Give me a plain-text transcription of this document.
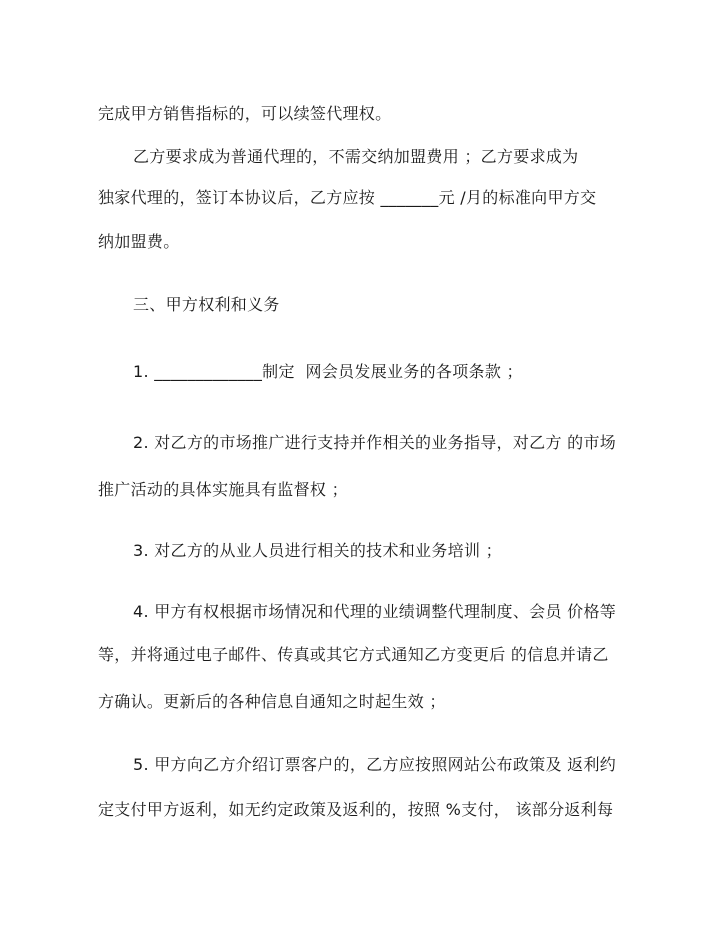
完成甲方销售指标的，可以续签代理权。
乙方要求成为普通代理的，不需交纳加盟费用 ；乙方要求成为
独家代理的，签订本协议后，乙方应按 _______元 /月的标准向甲方交
纳加盟费。
三、甲方权利和义务
1. _____________制定  网会员发展业务的各项条款 ；
2. 对乙方的市场推广进行支持并作相关的业务指导，对乙方 的市场
推广活动的具体实施具有监督权 ；
3. 对乙方的从业人员进行相关的技术和业务培训 ；
4. 甲方有权根据市场情况和代理的业绩调整代理制度、会员 价格等
等，并将通过电子邮件、传真或其它方式通知乙方变更后 的信息并请乙
方确认。更新后的各种信息自通知之时起生效 ；
5. 甲方向乙方介绍订票客户的，乙方应按照网站公布政策及 返利约
定支付甲方返利，如无约定政策及返利的，按照 %支付， 该部分返利每
